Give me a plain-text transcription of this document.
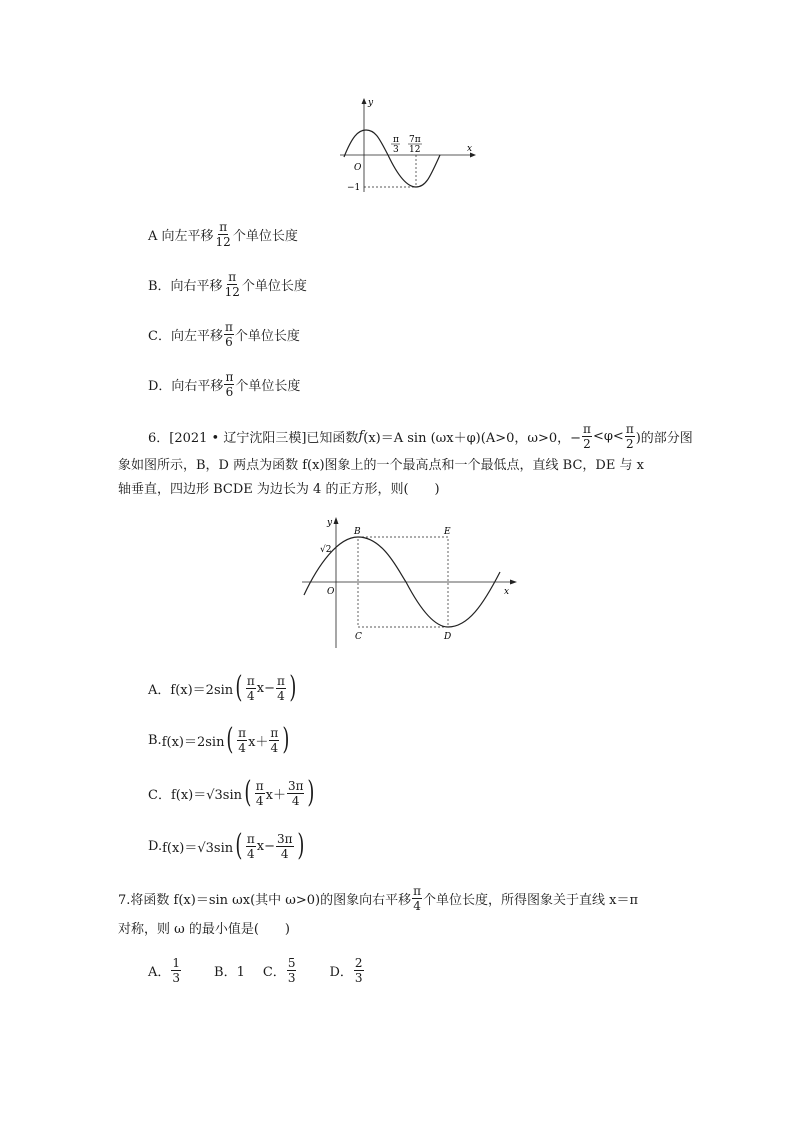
y
x
O
−1
π
3
7π
12
A 向左平移 $\frac{\pi}{12}$ 个单位长度
B．向右平移 $\frac{\pi}{12}$ 个单位长度
C．向左平移 $\frac{\pi}{6}$ 个单位长度
D．向右平移 $\frac{\pi}{6}$ 个单位长度
6．[2021 • 辽宁沈阳三模]已知函数 f (x)＝A sin (ωx＋φ)(A>0，ω>0，− $\frac{\pi}{2} <\varphi< \frac{\pi}{2}$ )的部分图
象如图所示，B，D 两点为函数 f(x)图象上的一个最高点和一个最低点，直线 BC，DE 与 x
轴垂直，四边形 BCDE 为边长为 4 的正方形，则(　　)
y
x
O
B	E
C	D
√2
A． f(x)＝2sin ( $\frac{\pi}{4} x- \frac{\pi}{4}$ )
B. f(x)＝2sin ( $\frac{\pi}{4} x+ \frac{\pi}{4}$ )
C． f(x)＝√3sin ( $\frac{\pi}{4} x+ \frac{3\pi}{4}$ )
D. f(x)＝√3sin ( $\frac{\pi}{4} x- \frac{3\pi}{4}$ )
7.将函数 f(x)＝sin ωx(其中 ω>0)的图象向右平移 $\frac{\pi}{4}$ 个单位长度，所得图象关于直线 x＝π
对称，则 ω 的最小值是(　　)
A． $\frac{1}{3}$	B．1 C． $\frac{5}{3}$	D． $\frac{2}{3}$
